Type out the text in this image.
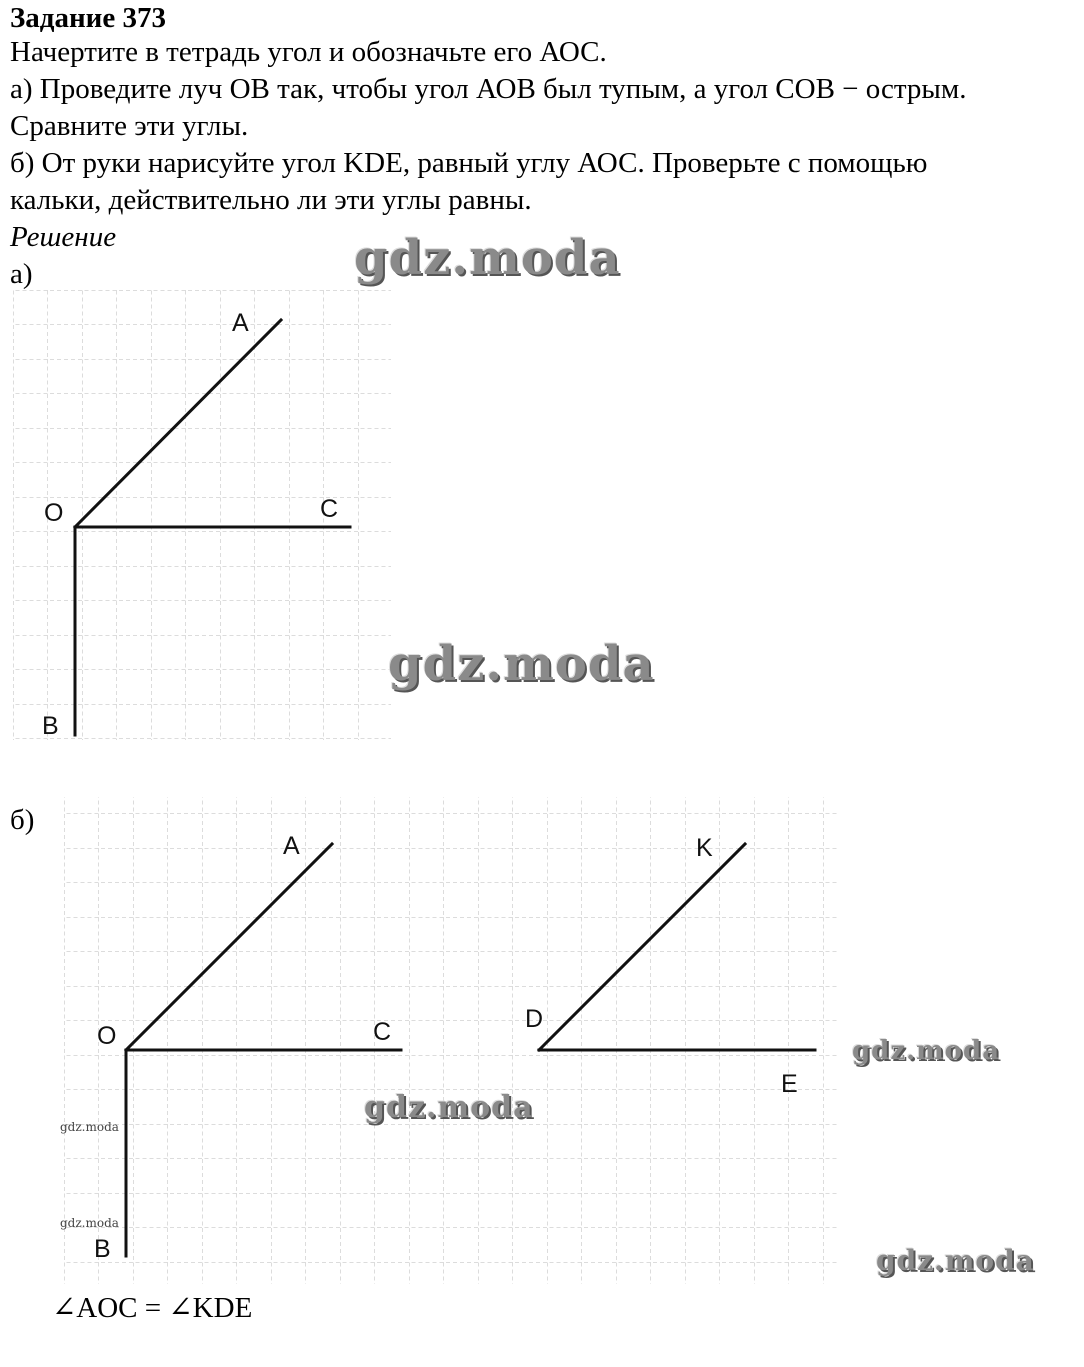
Задание 373
Начертите в тетрадь угол и обозначьте его АОС.
а) Проведите луч ОВ так, чтобы угол АОВ был тупым, а угол СОВ − острым.
Сравните эти углы.
б) От руки нарисуйте угол KDE, равный углу АОС. Проверьте с помощью
кальки, действительно ли эти углы равны.
Решение
а)
б)
A
O	C
B
A
O	C
B
K
D
E
gdz.moda
gdz.moda
gdz.moda
gdz.moda
gdz.moda
gdz.moda
gdz.moda
∠AOC = ∠KDE
